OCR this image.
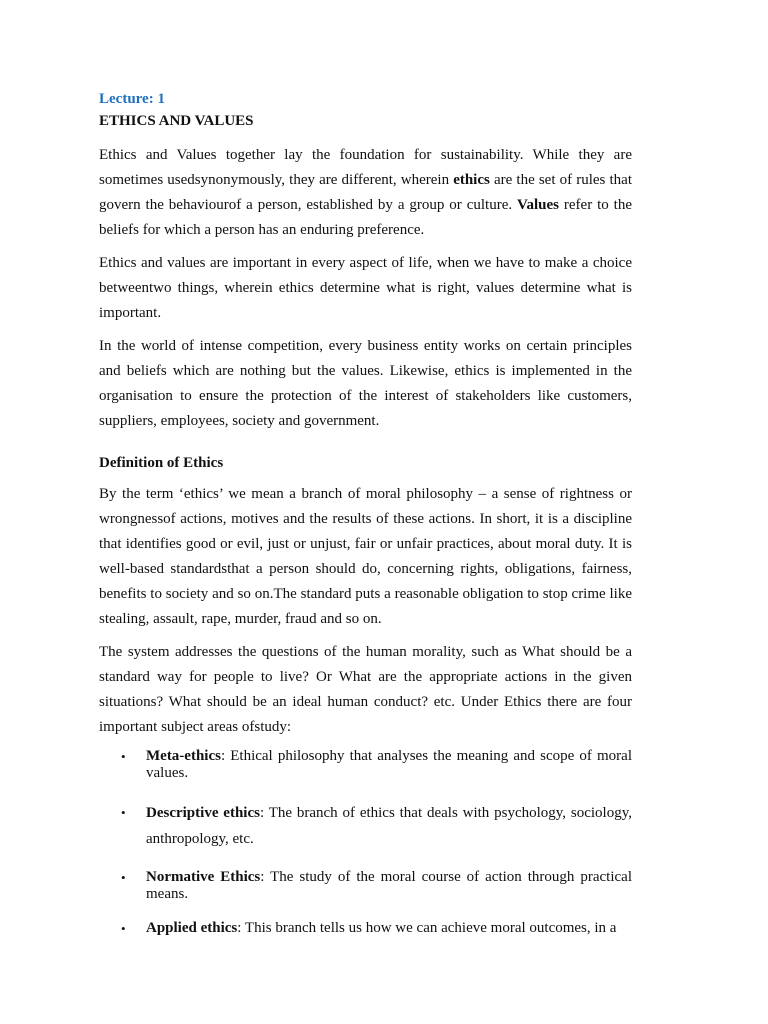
Lecture: 1
ETHICS AND VALUES

Ethics and Values together lay the foundation for sustainability. While they are sometimes usedsynonymously, they are different, wherein ethics are the set of rules that govern the behaviourof a person, established by a group or culture. Values refer to the beliefs for which a person has an enduring preference.

Ethics and values are important in every aspect of life, when we have to make a choice betweentwo things, wherein ethics determine what is right, values determine what is important.

In the world of intense competition, every business entity works on certain principles and beliefs which are nothing but the values. Likewise, ethics is implemented in the organisation to ensure the protection of the interest of stakeholders like customers, suppliers, employees, society and government.

Definition of Ethics

By the term ‘ethics’ we mean a branch of moral philosophy – a sense of rightness or wrongnessof actions, motives and the results of these actions. In short, it is a discipline that identifies good or evil, just or unjust, fair or unfair practices, about moral duty. It is well-based standardsthat a person should do, concerning rights, obligations, fairness, benefits to society and so on.The standard puts a reasonable obligation to stop crime like stealing, assault, rape, murder, fraud and so on.

The system addresses the questions of the human morality, such as What should be a standard way for people to live? Or What are the appropriate actions in the given situations? What should be an ideal human conduct? etc. Under Ethics there are four important subject areas ofstudy:

• Meta-ethics: Ethical philosophy that analyses the meaning and scope of moral values.
• Descriptive ethics: The branch of ethics that deals with psychology, sociology, anthropology, etc.
• Normative Ethics: The study of the moral course of action through practical means.
• Applied ethics: This branch tells us how we can achieve moral outcomes, in a
